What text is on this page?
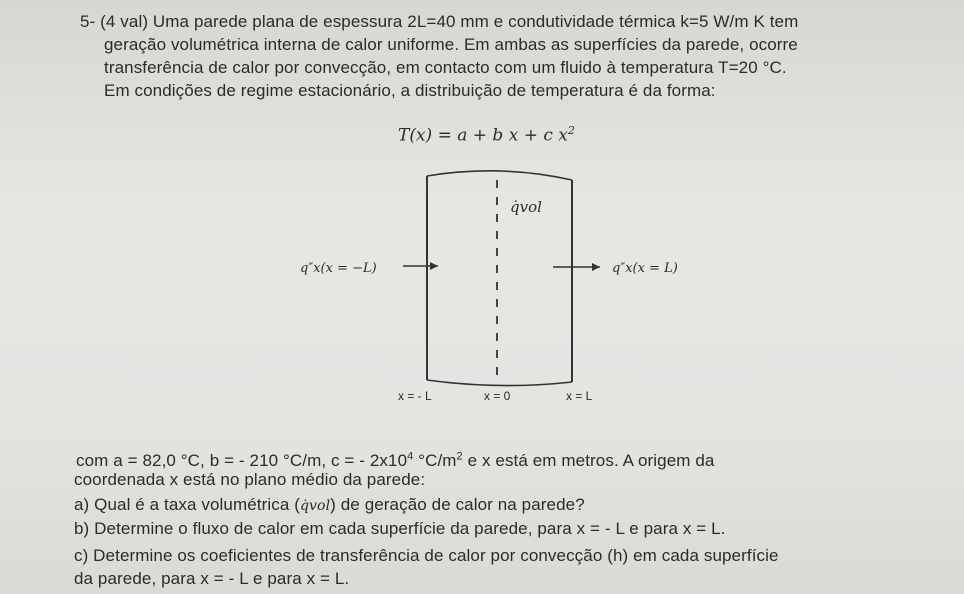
5- (4 val) Uma parede plana de espessura 2L=40 mm e condutividade térmica k=5 W/m K tem
geração volumétrica interna de calor uniforme. Em ambas as superfícies da parede, ocorre
transferência de calor por convecção, em contacto com um fluido à temperatura T=20 °C.
Em condições de regime estacionário, a distribuição de temperatura é da forma:
T(x) = a + b x + c $x^2$
q̇vol
q″x(x = −L)	q″x(x = L)
x = - L	x = 0	x = L
com a = 82,0 °C, b = - 210 °C/m, c = - $2x10^4$ $^\circ C/m^2$ e x está em metros. A origem da
coordenada x está no plano médio da parede:
a) Qual é a taxa volumétrica (q̇vol) de geração de calor na parede?
b) Determine o fluxo de calor em cada superfície da parede, para x = - L e para x = L.
c) Determine os coeficientes de transferência de calor por convecção (h) em cada superfície
da parede, para x = - L e para x = L.
